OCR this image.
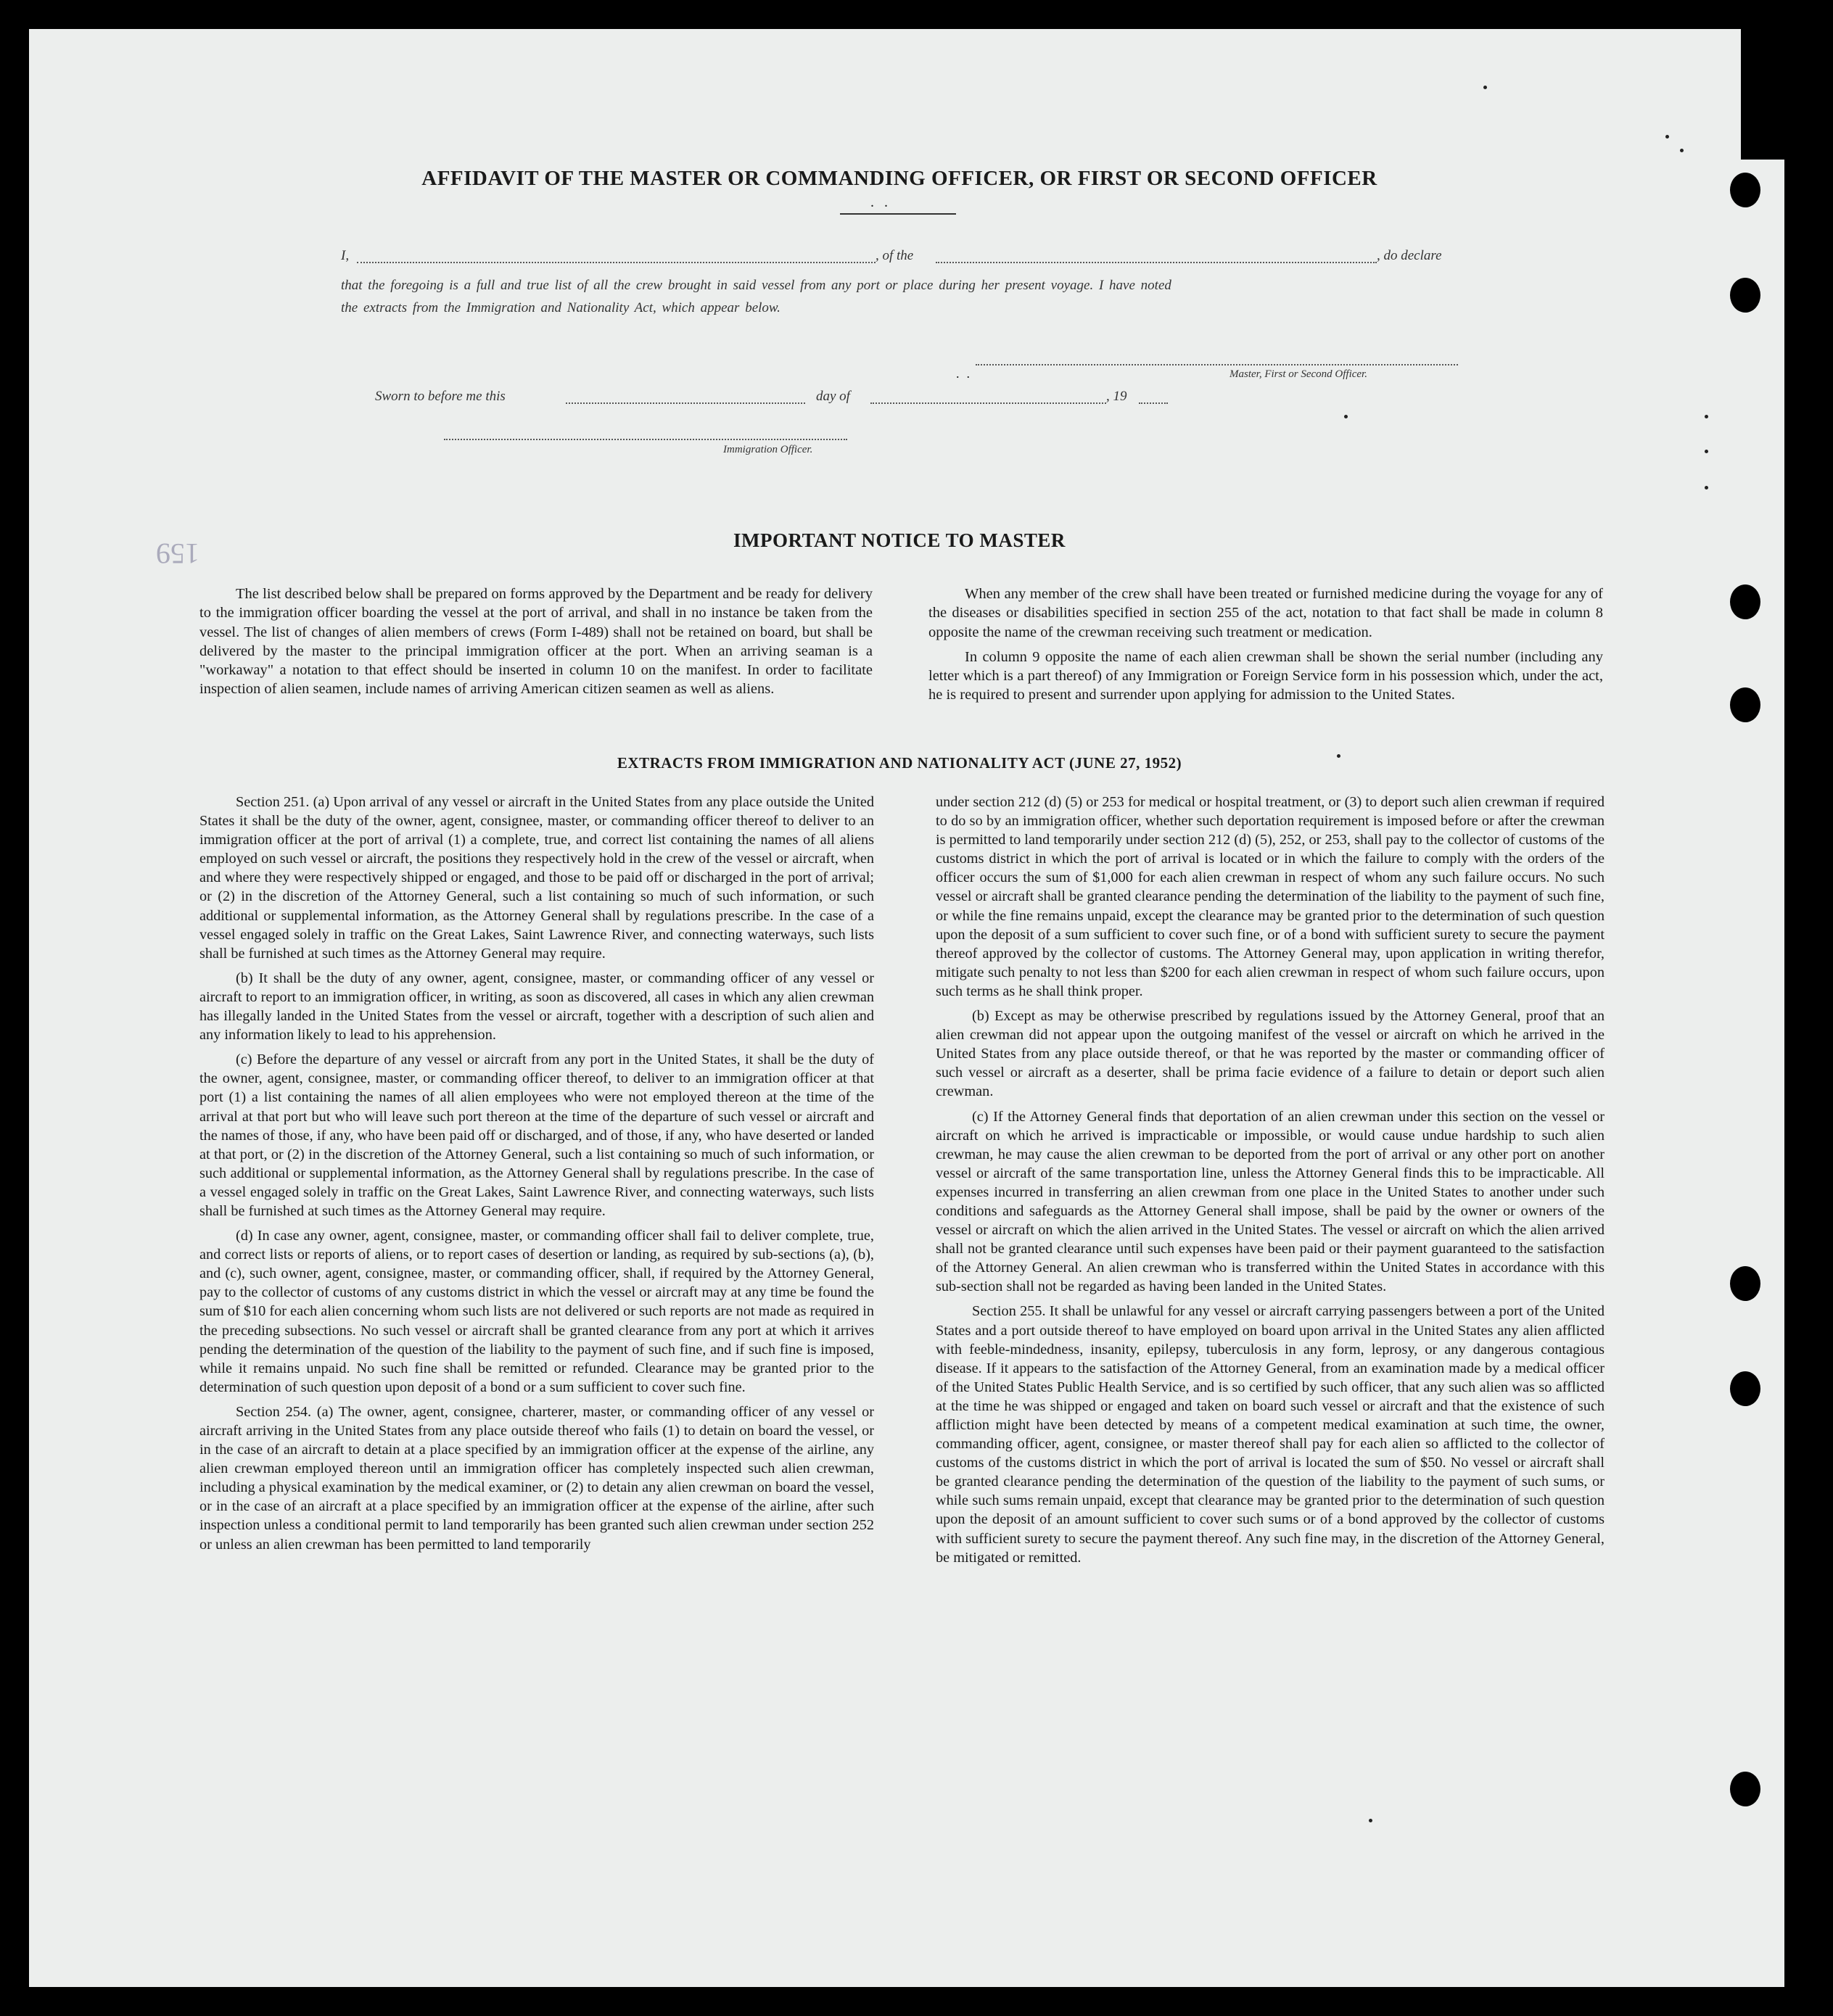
159
AFFIDAVIT OF THE MASTER OR COMMANDING OFFICER, OR FIRST OR SECOND OFFICER
..
I,	, of the	, do declare
that the foregoing is a full and true list of all the crew brought in said vessel from any port or place during her present voyage. I have noted
the extracts from the Immigration and Nationality Act, which appear below.
..	Master, First or Second Officer.
Sworn to before me this	day of	, 19
Immigration Officer.
IMPORTANT NOTICE TO MASTER

The list described below shall be prepared on forms approved by the Department and be ready for delivery to the immigration officer boarding the vessel at the port of arrival, and shall in no instance be taken from the vessel. The list of changes of alien members of crews (Form I-489) shall not be retained on board, but shall be delivered by the master to the principal immigration officer at the port. When an arriving seaman is a "workaway" a notation to that effect should be inserted in column 10 on the manifest. In order to facilitate inspection of alien seamen, include names of arriving American citizen seamen as well as aliens.

When any member of the crew shall have been treated or furnished medicine during the voyage for any of the diseases or disabilities specified in section 255 of the act, notation to that fact shall be made in column 8 opposite the name of the crewman receiving such treatment or medication.

In column 9 opposite the name of each alien crewman shall be shown the serial number (including any letter which is a part thereof) of any Immigration or Foreign Service form in his possession which, under the act, he is required to present and surrender upon applying for admission to the United States.

EXTRACTS FROM IMMIGRATION AND NATIONALITY ACT (JUNE 27, 1952)

Section 251. (a) Upon arrival of any vessel or aircraft in the United States from any place outside the United States it shall be the duty of the owner, agent, consignee, master, or commanding officer thereof to deliver to an immigration officer at the port of arrival (1) a complete, true, and correct list containing the names of all aliens employed on such vessel or aircraft, the positions they respectively hold in the crew of the vessel or aircraft, when and where they were respectively shipped or engaged, and those to be paid off or discharged in the port of arrival; or (2) in the discretion of the Attorney General, such a list containing so much of such information, or such additional or supplemental information, as the Attorney General shall by regulations prescribe. In the case of a vessel engaged solely in traffic on the Great Lakes, Saint Lawrence River, and connecting waterways, such lists shall be furnished at such times as the Attorney General may require.

(b) It shall be the duty of any owner, agent, consignee, master, or commanding officer of any vessel or aircraft to report to an immigration officer, in writing, as soon as discovered, all cases in which any alien crewman has illegally landed in the United States from the vessel or aircraft, together with a description of such alien and any information likely to lead to his apprehension.

(c) Before the departure of any vessel or aircraft from any port in the United States, it shall be the duty of the owner, agent, consignee, master, or commanding officer thereof, to deliver to an immigration officer at that port (1) a list containing the names of all alien employees who were not employed thereon at the time of the arrival at that port but who will leave such port thereon at the time of the departure of such vessel or aircraft and the names of those, if any, who have been paid off or discharged, and of those, if any, who have deserted or landed at that port, or (2) in the discretion of the Attorney General, such a list containing so much of such information, or such additional or supplemental information, as the Attorney General shall by regulations prescribe. In the case of a vessel engaged solely in traffic on the Great Lakes, Saint Lawrence River, and connecting waterways, such lists shall be furnished at such times as the Attorney General may require.

(d) In case any owner, agent, consignee, master, or commanding officer shall fail to deliver complete, true, and correct lists or reports of aliens, or to report cases of desertion or landing, as required by sub-sections (a), (b), and (c), such owner, agent, consignee, master, or commanding officer, shall, if required by the Attorney General, pay to the collector of customs of any customs district in which the vessel or aircraft may at any time be found the sum of $10 for each alien concerning whom such lists are not delivered or such reports are not made as required in the preceding subsections. No such vessel or aircraft shall be granted clearance from any port at which it arrives pending the determination of the question of the liability to the payment of such fine, and if such fine is imposed, while it remains unpaid. No such fine shall be remitted or refunded. Clearance may be granted prior to the determination of such question upon deposit of a bond or a sum sufficient to cover such fine.

Section 254. (a) The owner, agent, consignee, charterer, master, or commanding officer of any vessel or aircraft arriving in the United States from any place outside thereof who fails (1) to detain on board the vessel, or in the case of an aircraft to detain at a place specified by an immigration officer at the expense of the airline, any alien crewman employed thereon until an immigration officer has completely inspected such alien crewman, including a physical examination by the medical examiner, or (2) to detain any alien crewman on board the vessel, or in the case of an aircraft at a place specified by an immigration officer at the expense of the airline, after such inspection unless a conditional permit to land temporarily has been granted such alien crewman under section 252 or unless an alien crewman has been permitted to land temporarily

under section 212 (d) (5) or 253 for medical or hospital treatment, or (3) to deport such alien crewman if required to do so by an immigration officer, whether such deportation requirement is imposed before or after the crewman is permitted to land temporarily under section 212 (d) (5), 252, or 253, shall pay to the collector of customs of the customs district in which the port of arrival is located or in which the failure to comply with the orders of the officer occurs the sum of $1,000 for each alien crewman in respect of whom any such failure occurs. No such vessel or aircraft shall be granted clearance pending the determination of the liability to the payment of such fine, or while the fine remains unpaid, except the clearance may be granted prior to the determination of such question upon the deposit of a sum sufficient to cover such fine, or of a bond with sufficient surety to secure the payment thereof approved by the collector of customs. The Attorney General may, upon application in writing therefor, mitigate such penalty to not less than $200 for each alien crewman in respect of whom such failure occurs, upon such terms as he shall think proper.

(b) Except as may be otherwise prescribed by regulations issued by the Attorney General, proof that an alien crewman did not appear upon the outgoing manifest of the vessel or aircraft on which he arrived in the United States from any place outside thereof, or that he was reported by the master or commanding officer of such vessel or aircraft as a deserter, shall be prima facie evidence of a failure to detain or deport such alien crewman.

(c) If the Attorney General finds that deportation of an alien crewman under this section on the vessel or aircraft on which he arrived is impracticable or impossible, or would cause undue hardship to such alien crewman, he may cause the alien crewman to be deported from the port of arrival or any other port on another vessel or aircraft of the same transportation line, unless the Attorney General finds this to be impracticable. All expenses incurred in transferring an alien crewman from one place in the United States to another under such conditions and safeguards as the Attorney General shall impose, shall be paid by the owner or owners of the vessel or aircraft on which the alien arrived in the United States. The vessel or aircraft on which the alien arrived shall not be granted clearance until such expenses have been paid or their payment guaranteed to the satisfaction of the Attorney General. An alien crewman who is transferred within the United States in accordance with this sub-section shall not be regarded as having been landed in the United States.

Section 255. It shall be unlawful for any vessel or aircraft carrying passengers between a port of the United States and a port outside thereof to have employed on board upon arrival in the United States any alien afflicted with feeble-mindedness, insanity, epilepsy, tuberculosis in any form, leprosy, or any dangerous contagious disease. If it appears to the satisfaction of the Attorney General, from an examination made by a medical officer of the United States Public Health Service, and is so certified by such officer, that any such alien was so afflicted at the time he was shipped or engaged and taken on board such vessel or aircraft and that the existence of such affliction might have been detected by means of a competent medical examination at such time, the owner, commanding officer, agent, consignee, or master thereof shall pay for each alien so afflicted to the collector of customs of the customs district in which the port of arrival is located the sum of $50. No vessel or aircraft shall be granted clearance pending the determination of the question of the liability to the payment of such sums, or while such sums remain unpaid, except that clearance may be granted prior to the determination of such question upon the deposit of an amount sufficient to cover such sums or of a bond approved by the collector of customs with sufficient surety to secure the payment thereof. Any such fine may, in the discretion of the Attorney General, be mitigated or remitted.
